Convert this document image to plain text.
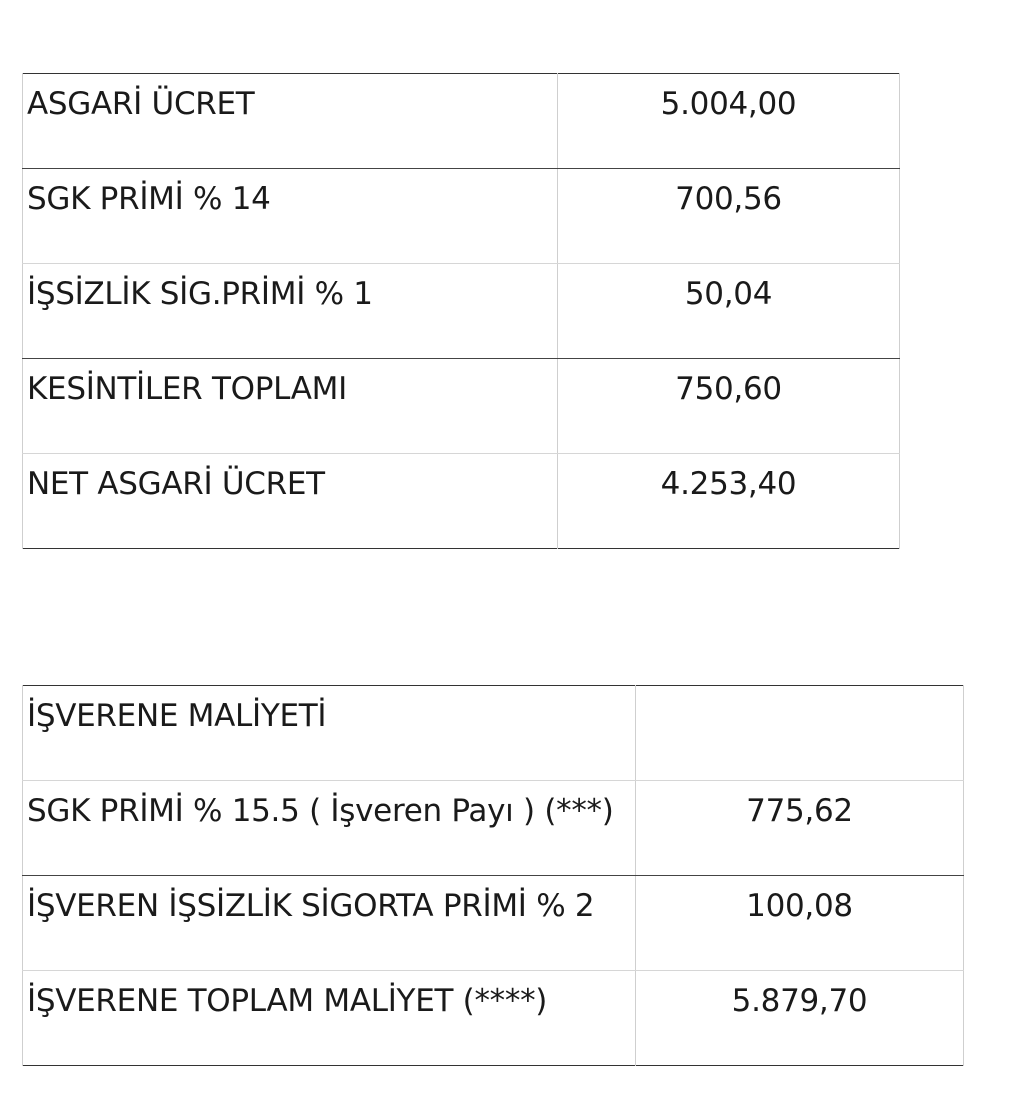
ASGARİ ÜCRET	5.004,00

SGK PRİMİ % 14	700,56

İŞSİZLİK SİG.PRİMİ % 1	50,04

KESİNTİLER TOPLAMI	750,60

NET ASGARİ ÜCRET	4.253,40
İŞVERENE MALİYETİ	

SGK PRİMİ % 15.5 ( İşveren Payı ) (***)	775,62

İŞVEREN İŞSİZLİK SİGORTA PRİMİ % 2	100,08

İŞVERENE TOPLAM MALİYET (****)	5.879,70
